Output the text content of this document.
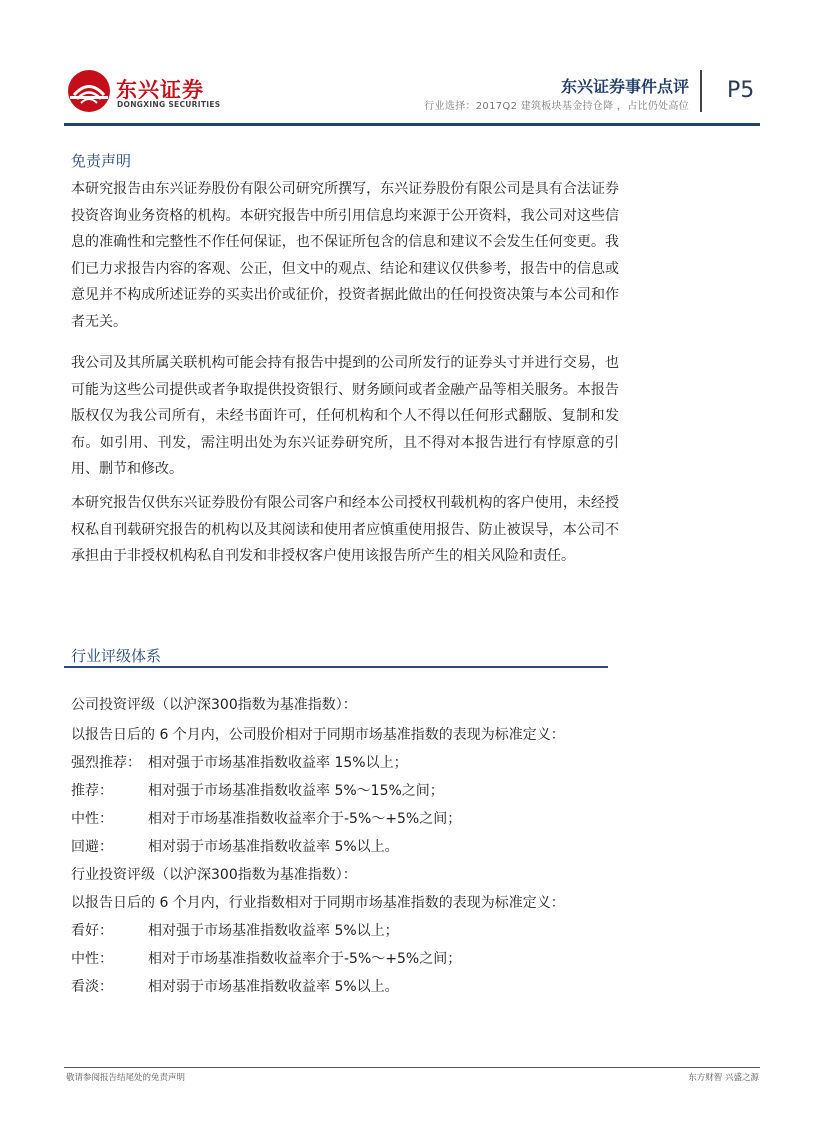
东兴证券
DONGXING SECURITIES
东兴证券事件点评
行业选择：2017Q2 建筑板块基金持仓降 ，占比仍处高位
P5
免责声明
本研究报告由东兴证券股份有限公司研究所撰写，东兴证券股份有限公司是具有合法证券投资咨询业务资格的机构。本研究报告中所引用信息均来源于公开资料，我公司对这些信息的准确性和完整性不作任何保证，也不保证所包含的信息和建议不会发生任何变更。我们已力求报告内容的客观、公正，但文中的观点、结论和建议仅供参考，报告中的信息或意见并不构成所述证券的买卖出价或征价，投资者据此做出的任何投资决策与本公司和作者无关。
我公司及其所属关联机构可能会持有报告中提到的公司所发行的证券头寸并进行交易，也可能为这些公司提供或者争取提供投资银行、财务顾问或者金融产品等相关服务。本报告版权仅为我公司所有，未经书面许可，任何机构和个人不得以任何形式翻版、复制和发布。如引用、刊发，需注明出处为东兴证券研究所，且不得对本报告进行有悖原意的引用、删节和修改。
本研究报告仅供东兴证券股份有限公司客户和经本公司授权刊载机构的客户使用，未经授权私自刊载研究报告的机构以及其阅读和使用者应慎重使用报告、防止被误导，本公司不承担由于非授权机构私自刊发和非授权客户使用该报告所产生的相关风险和责任。
行业评级体系
公司投资评级（以沪深300指数为基准指数）：
以报告日后的 6 个月内，公司股价相对于同期市场基准指数的表现为标准定义：
强烈推荐： 相对强于市场基准指数收益率 15%以上；
推荐：	相对强于市场基准指数收益率 5%～15%之间；
中性：	相对于市场基准指数收益率介于-5%～+5%之间；
回避：	相对弱于市场基准指数收益率 5%以上。
行业投资评级（以沪深300指数为基准指数）：
以报告日后的 6 个月内，行业指数相对于同期市场基准指数的表现为标准定义：
看好：	相对强于市场基准指数收益率 5%以上；
中性：	相对于市场基准指数收益率介于-5%～+5%之间；
看淡：	相对弱于市场基准指数收益率 5%以上。
敬请参阅报告结尾处的免责声明	东方财智 兴盛之源
